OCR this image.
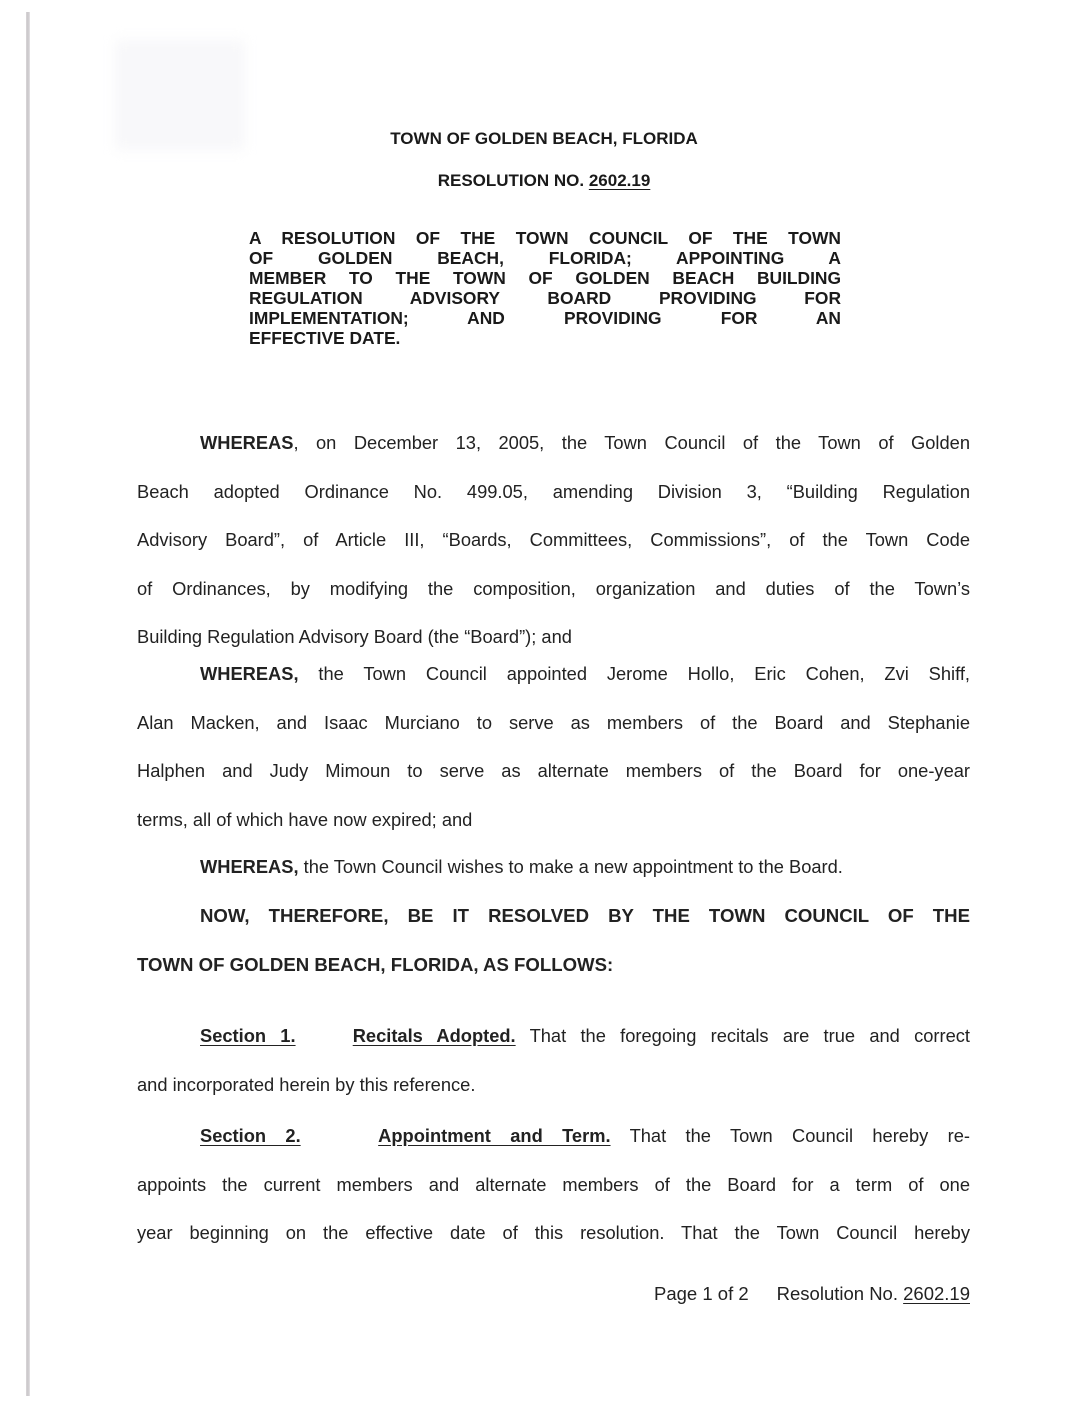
TOWN OF GOLDEN BEACH, FLORIDA
RESOLUTION NO. 2602.19
A RESOLUTION OF THE TOWN COUNCIL OF THE TOWN
OF GOLDEN BEACH, FLORIDA; APPOINTING A
MEMBER TO THE TOWN OF GOLDEN BEACH BUILDING
REGULATION ADVISORY BOARD PROVIDING FOR
IMPLEMENTATION; AND PROVIDING FOR AN
EFFECTIVE DATE.
WHEREAS, on December 13, 2005, the Town Council of the Town of Golden
Beach adopted Ordinance No. 499.05, amending Division 3, “Building Regulation
Advisory Board”, of Article III, “Boards, Committees, Commissions”, of the Town Code
of Ordinances, by modifying the composition, organization and duties of the Town’s
Building Regulation Advisory Board (the “Board”); and
WHEREAS, the Town Council appointed Jerome Hollo, Eric Cohen, Zvi Shiff,
Alan Macken, and Isaac Murciano to serve as members of the Board and Stephanie
Halphen and Judy Mimoun to serve as alternate members of the Board for one-year
terms, all of which have now expired; and
WHEREAS, the Town Council wishes to make a new appointment to the Board.
NOW, THEREFORE, BE IT RESOLVED BY THE TOWN COUNCIL OF THE
TOWN OF GOLDEN BEACH, FLORIDA, AS FOLLOWS:
Section 1.	Recitals Adopted. That the foregoing recitals are true and correct
and incorporated herein by this reference.
Section 2.	Appointment and Term. That the Town Council hereby re-
appoints the current members and alternate members of the Board for a term of one
year beginning on the effective date of this resolution. That the Town Council hereby
Page 1 of 2	Resolution No. 2602.19
